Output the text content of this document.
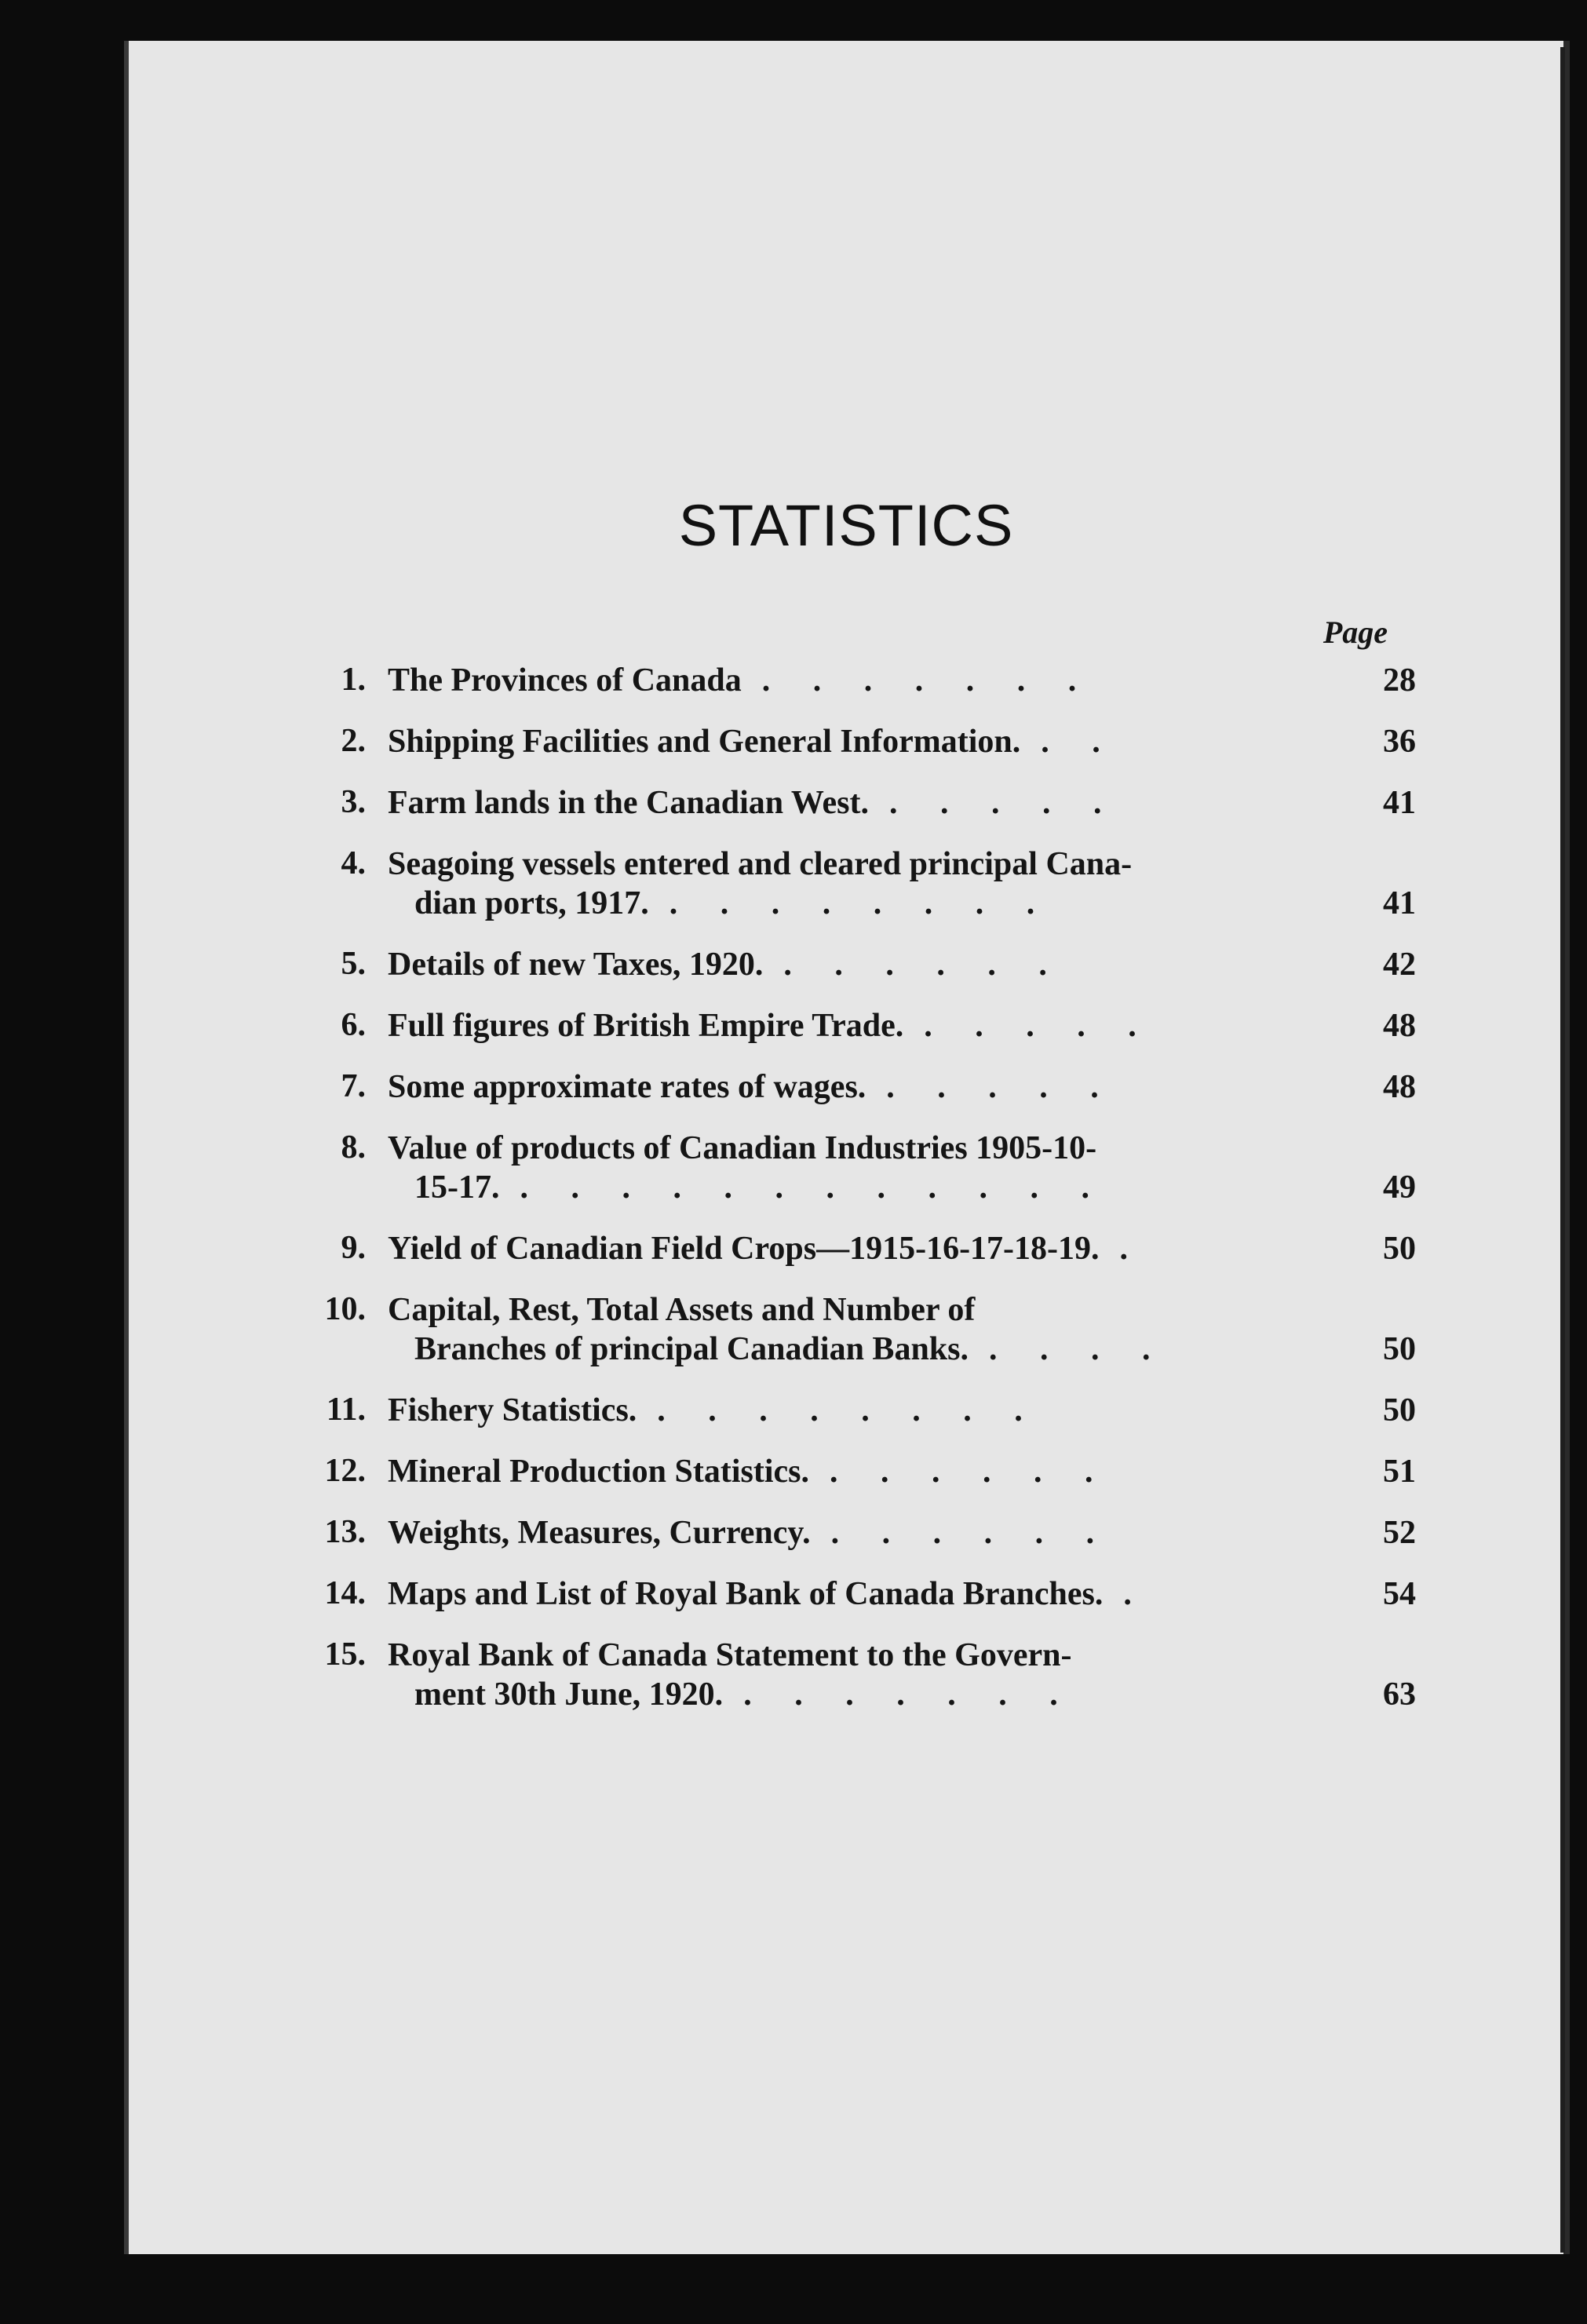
STATISTICS
Page
1. The Provinces of Canada . . . . . . .	28
2. Shipping Facilities and General Information. . .	36
3. Farm lands in the Canadian West. . . . . .	41
4. Seagoing vessels entered and cleared principal Cana-
dian ports, 1917. . . . . . . . .	41
5. Details of new Taxes, 1920. . . . . . .	42
6. Full figures of British Empire Trade. . . . . .	48
7. Some approximate rates of wages. . . . . .	48
8. Value of products of Canadian Industries 1905-10-
15-17. . . . . . . . . . . . .	49
9. Yield of Canadian Field Crops—1915-16-17-18-19. .	50
10. Capital, Rest, Total Assets and Number of
Branches of principal Canadian Banks. . . . .	50
11. Fishery Statistics. . . . . . . . .	50
12. Mineral Production Statistics. . . . . . .	51
13. Weights, Measures, Currency. . . . . . .	52
14. Maps and List of Royal Bank of Canada Branches. .	54
15. Royal Bank of Canada Statement to the Govern-
ment 30th June, 1920. . . . . . . .	63
